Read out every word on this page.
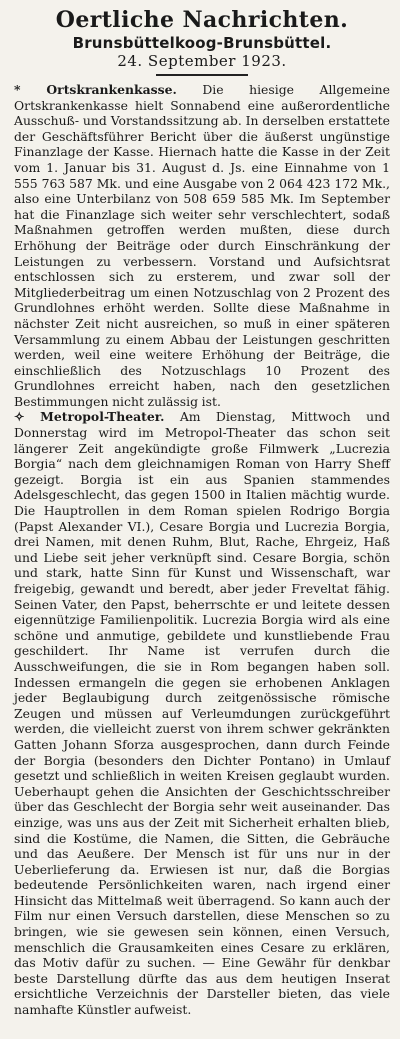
Oertliche Nachrichten.
Brunsbüttelkoog-Brunsbüttel.
24. September 1923.

* Ortskrankenkasse. Die hiesige Allgemeine Ortskrankenkasse hielt Sonnabend eine außerordentliche Ausschuß- und Vorstandssitzung ab. In derselben erstattete der Geschäftsführer Bericht über die äußerst ungünstige Finanzlage der Kasse. Hiernach hatte die Kasse in der Zeit vom 1. Januar bis 31. August d. Js. eine Einnahme von 1 555 763 587 Mk. und eine Ausgabe von 2 064 423 172 Mk., also eine Unterbilanz von 508 659 585 Mk. Im September hat die Finanzlage sich weiter sehr verschlechtert, sodaß Maßnahmen getroffen werden mußten, diese durch Erhöhung der Beiträge oder durch Einschränkung der Leistungen zu verbessern. Vorstand und Aufsichtsrat entschlossen sich zu ersterem, und zwar soll der Mitgliederbeitrag um einen Notzuschlag von 2 Prozent des Grundlohnes erhöht werden. Sollte diese Maßnahme in nächster Zeit nicht ausreichen, so muß in einer späteren Versammlung zu einem Abbau der Leistungen geschritten werden, weil eine weitere Erhöhung der Beiträge, die einschließlich des Notzuschlags 10 Prozent des Grundlohnes erreicht haben, nach den gesetzlichen Bestimmungen nicht zulässig ist.

✧ Metropol-Theater. Am Dienstag, Mittwoch und Donnerstag wird im Metropol-Theater das schon seit längerer Zeit angekündigte große Filmwerk „Lucrezia Borgia“ nach dem gleichnamigen Roman von Harry Sheff gezeigt. Borgia ist ein aus Spanien stammendes Adelsgeschlecht, das gegen 1500 in Italien mächtig wurde. Die Hauptrollen in dem Roman spielen Rodrigo Borgia (Papst Alexander VI.), Cesare Borgia und Lucrezia Borgia, drei Namen, mit denen Ruhm, Blut, Rache, Ehrgeiz, Haß und Liebe seit jeher verknüpft sind. Cesare Borgia, schön und stark, hatte Sinn für Kunst und Wissenschaft, war freigebig, gewandt und beredt, aber jeder Freveltat fähig. Seinen Vater, den Papst, beherrschte er und leitete dessen eigennützige Familienpolitik. Lucrezia Borgia wird als eine schöne und anmutige, gebildete und kunstliebende Frau geschildert. Ihr Name ist verrufen durch die Ausschweifungen, die sie in Rom begangen haben soll. Indessen ermangeln die gegen sie erhobenen Anklagen jeder Beglaubigung durch zeitgenössische römische Zeugen und müssen auf Verleumdungen zurückgeführt werden, die vielleicht zuerst von ihrem schwer gekränkten Gatten Johann Sforza ausgesprochen, dann durch Feinde der Borgia (besonders den Dichter Pontano) in Umlauf gesetzt und schließlich in weiten Kreisen geglaubt wurden. Ueberhaupt gehen die Ansichten der Geschichtsschreiber über das Geschlecht der Borgia sehr weit auseinander. Das einzige, was uns aus der Zeit mit Sicherheit erhalten blieb, sind die Kostüme, die Namen, die Sitten, die Gebräuche und das Aeußere. Der Mensch ist für uns nur in der Ueberlieferung da. Erwiesen ist nur, daß die Borgias bedeutende Persönlichkeiten waren, nach irgend einer Hinsicht das Mittelmaß weit überragend. So kann auch der Film nur einen Versuch darstellen, diese Menschen so zu bringen, wie sie gewesen sein können, einen Versuch, menschlich die Grausamkeiten eines Cesare zu erklären, das Motiv dafür zu suchen. — Eine Gewähr für denkbar beste Darstellung dürfte das aus dem heutigen Inserat ersichtliche Verzeichnis der Darsteller bieten, das viele namhafte Künstler aufweist.
